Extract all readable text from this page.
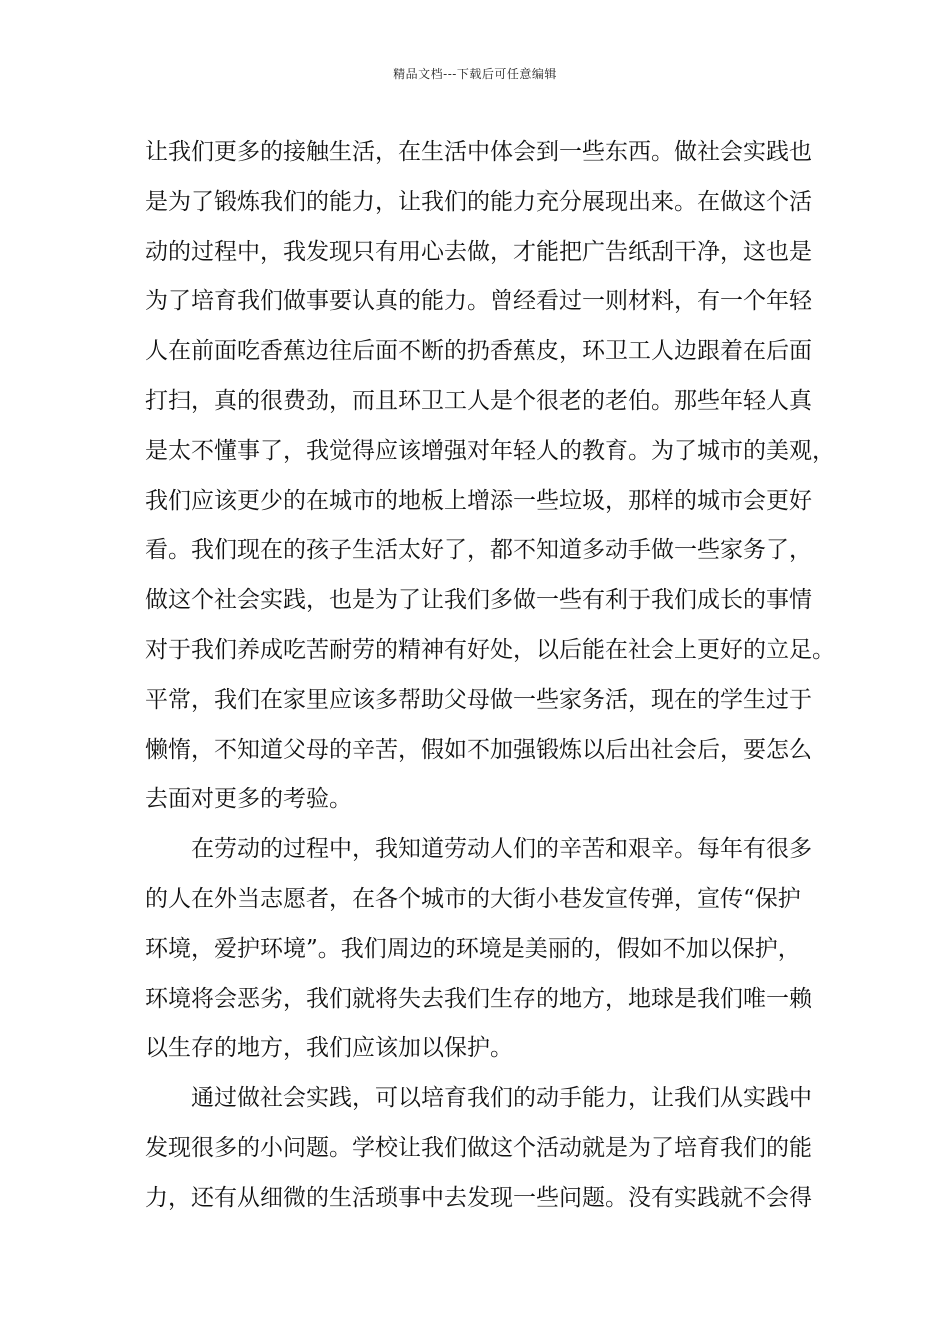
精品文档---下载后可任意编辑
让我们更多的接触生活，在生活中体会到一些东西。做社会实践也
是为了锻炼我们的能力，让我们的能力充分展现出来。在做这个活
动的过程中，我发现只有用心去做，才能把广告纸刮干净，这也是
为了培育我们做事要认真的能力。曾经看过一则材料，有一个年轻
人在前面吃香蕉边往后面不断的扔香蕉皮，环卫工人边跟着在后面
打扫，真的很费劲，而且环卫工人是个很老的老伯。那些年轻人真
是太不懂事了，我觉得应该增强对年轻人的教育。为了城市的美观，
我们应该更少的在城市的地板上增添一些垃圾，那样的城市会更好
看。我们现在的孩子生活太好了，都不知道多动手做一些家务了，
做这个社会实践，也是为了让我们多做一些有利于我们成长的事情
对于我们养成吃苦耐劳的精神有好处，以后能在社会上更好的立足。
平常，我们在家里应该多帮助父母做一些家务活，现在的学生过于
懒惰，不知道父母的辛苦，假如不加强锻炼以后出社会后，要怎么
去面对更多的考验。
在劳动的过程中，我知道劳动人们的辛苦和艰辛。每年有很多
的人在外当志愿者，在各个城市的大街小巷发宣传弹，宣传“保护
环境，爱护环境”。我们周边的环境是美丽的，假如不加以保护，
环境将会恶劣，我们就将失去我们生存的地方，地球是我们唯一赖
以生存的地方，我们应该加以保护。
通过做社会实践，可以培育我们的动手能力，让我们从实践中
发现很多的小问题。学校让我们做这个活动就是为了培育我们的能
力，还有从细微的生活琐事中去发现一些问题。没有实践就不会得
